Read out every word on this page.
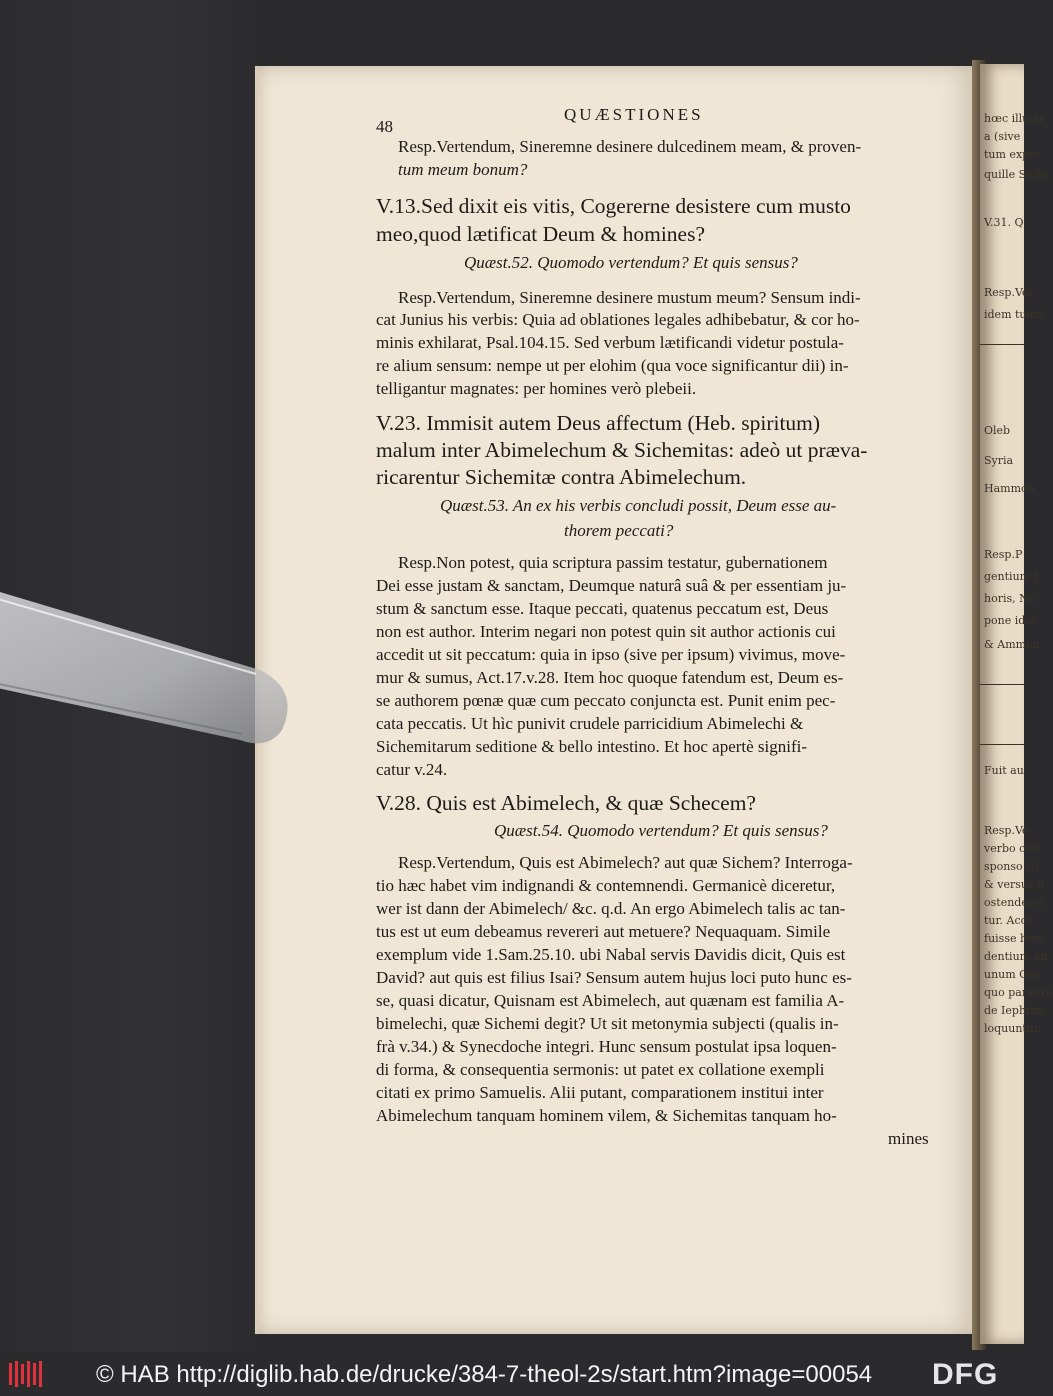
48
QUÆSTIONES
Resp.Vertendum, Sineremne desinere dulcedinem meam, & proven-
tum meum bonum?
V.13.Sed dixit eis vitis, Cogererne desistere cum musto
meo,quod lætificat Deum & homines?
Quæst.52. Quomodo vertendum? Et quis sensus?
Resp.Vertendum, Sineremne desinere mustum meum? Sensum indi-
cat Junius his verbis: Quia ad oblationes legales adhibebatur, & cor ho-
minis exhilarat, Psal.104.15. Sed verbum lætificandi videtur postula-
re alium sensum: nempe ut per elohim (qua voce significantur dii) in-
telligantur magnates: per homines verò plebeii.
V.23. Immisit autem Deus affectum (Heb. spiritum)
malum inter Abimelechum & Sichemitas: adeò ut præva-
ricarentur Sichemitæ contra Abimelechum.
Quæst.53. An ex his verbis concludi possit, Deum esse au-
thorem peccati?
Resp.Non potest, quia scriptura passim testatur, gubernationem
Dei esse justam & sanctam, Deumque naturâ suâ & per essentiam ju-
stum & sanctum esse. Itaque peccati, quatenus peccatum est, Deus
non est author. Interim negari non potest quin sit author actionis cui
accedit ut sit peccatum: quia in ipso (sive per ipsum) vivimus, move-
mur & sumus, Act.17.v.28. Item hoc quoque fatendum est, Deum es-
se authorem pœnæ quæ cum peccato conjuncta est. Punit enim pec-
cata peccatis. Ut hìc punivit crudele parricidium Abimelechi &
Sichemitarum seditione & bello intestino. Et hoc apertè signifi-
catur v.24.
V.28. Quis est Abimelech, & quæ Schecem?
Quæst.54. Quomodo vertendum? Et quis sensus?
Resp.Vertendum, Quis est Abimelech? aut quæ Sichem? Interroga-
tio hæc habet vim indignandi & contemnendi. Germanicè diceretur,
wer ist dann der Abimelech/ &c. q.d. An ergo Abimelech talis ac tan-
tus est ut eum debeamus revereri aut metuere? Nequaquam. Simile
exemplum vide 1.Sam.25.10. ubi Nabal servis Davidis dicit, Quis est
David? aut quis est filius Isai? Sensum autem hujus loci puto hunc es-
se, quasi dicatur, Quisnam est Abimelech, aut quænam est familia A-
bimelechi, quæ Sichemi degit? Ut sit metonymia subjecti (qualis in-
frà v.34.) & Synecdoche integri. Hunc sensum postulat ipsa loquen-
di forma, & consequentia sermonis: ut patet ex collatione exempli
citati ex primo Samuelis. Alii putant, comparationem institui inter
Abimelechum tanquam hominem vilem, & Sichemitas tanquam ho-
mines
hœc illustr
a (sive
tum expos
quille Siche
V.31. Q
Resp.Ver
idem tuam
Oleb
Syria
Hammon
Resp.P
gentium t
horis, Nu
pone idol
& Ammon
Fuit au
Resp.Ve
verbo con
sponso Gi
& versus n
ostenderet
tur. Acce
fuisse hom
dentium an
unum Gile
quo paragra
de Iephtha
loquuntur.
© HAB http://diglib.hab.de/drucke/384-7-theol-2s/start.htm?image=00054 DFG
